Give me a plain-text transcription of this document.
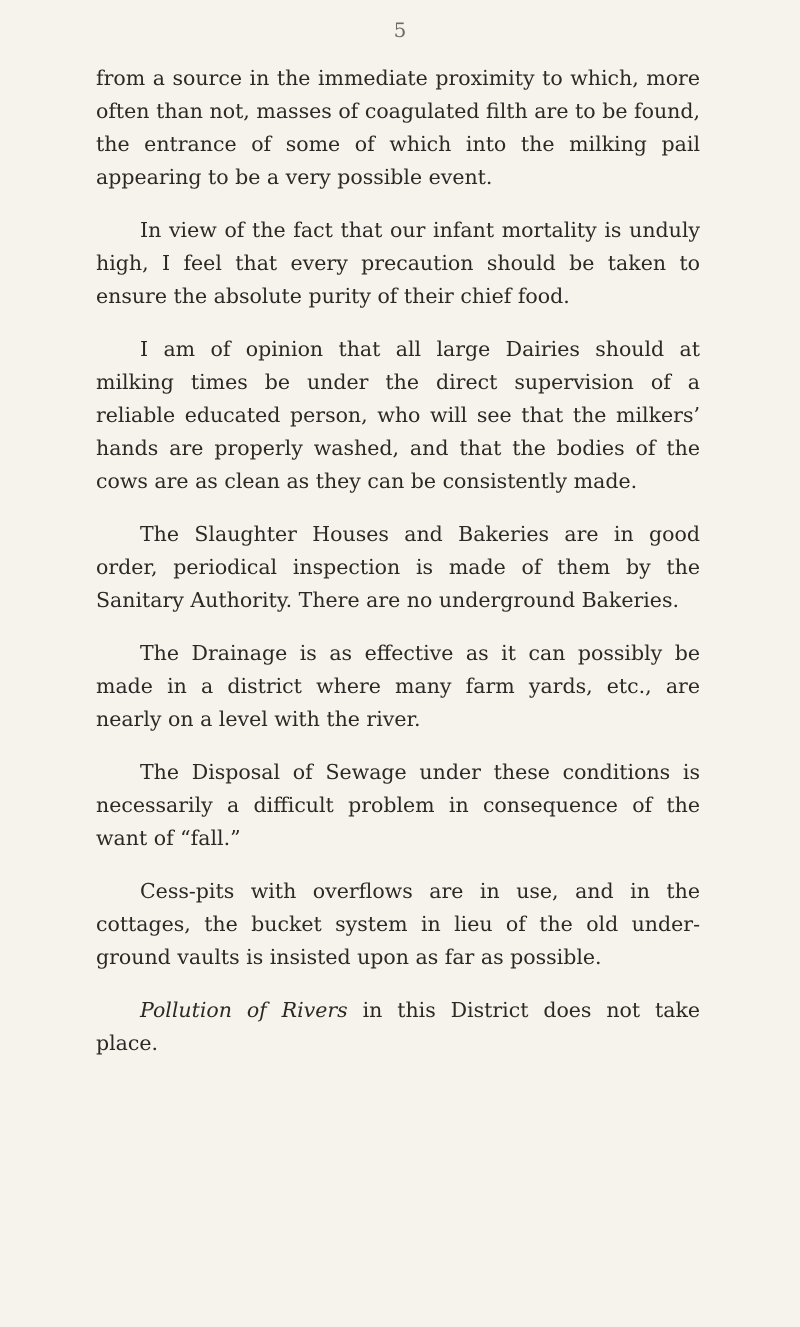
5

from a source in the immediate proximity to which, more often than not, masses of coagulated filth are to be found, the entrance of some of which into the milking pail appearing to be a very possible event.

In view of the fact that our infant mortality is unduly high, I feel that every precaution should be taken to ensure the absolute purity of their chief food.

I am of opinion that all large Dairies should at milking times be under the direct supervision of a reliable educated person, who will see that the milkers’ hands are properly washed, and that the bodies of the cows are as clean as they can be consistently made.

The Slaughter Houses and Bakeries are in good order, periodical inspection is made of them by the Sanitary Authority. There are no underground Bakeries.

The Drainage is as effective as it can possibly be made in a district where many farm yards, etc., are nearly on a level with the river.

The Disposal of Sewage under these conditions is necessarily a difficult problem in consequence of the want of “fall.”

Cess-pits with overflows are in use, and in the cottages, the bucket system in lieu of the old under-ground vaults is insisted upon as far as possible.

Pollution of Rivers in this District does not take place.
